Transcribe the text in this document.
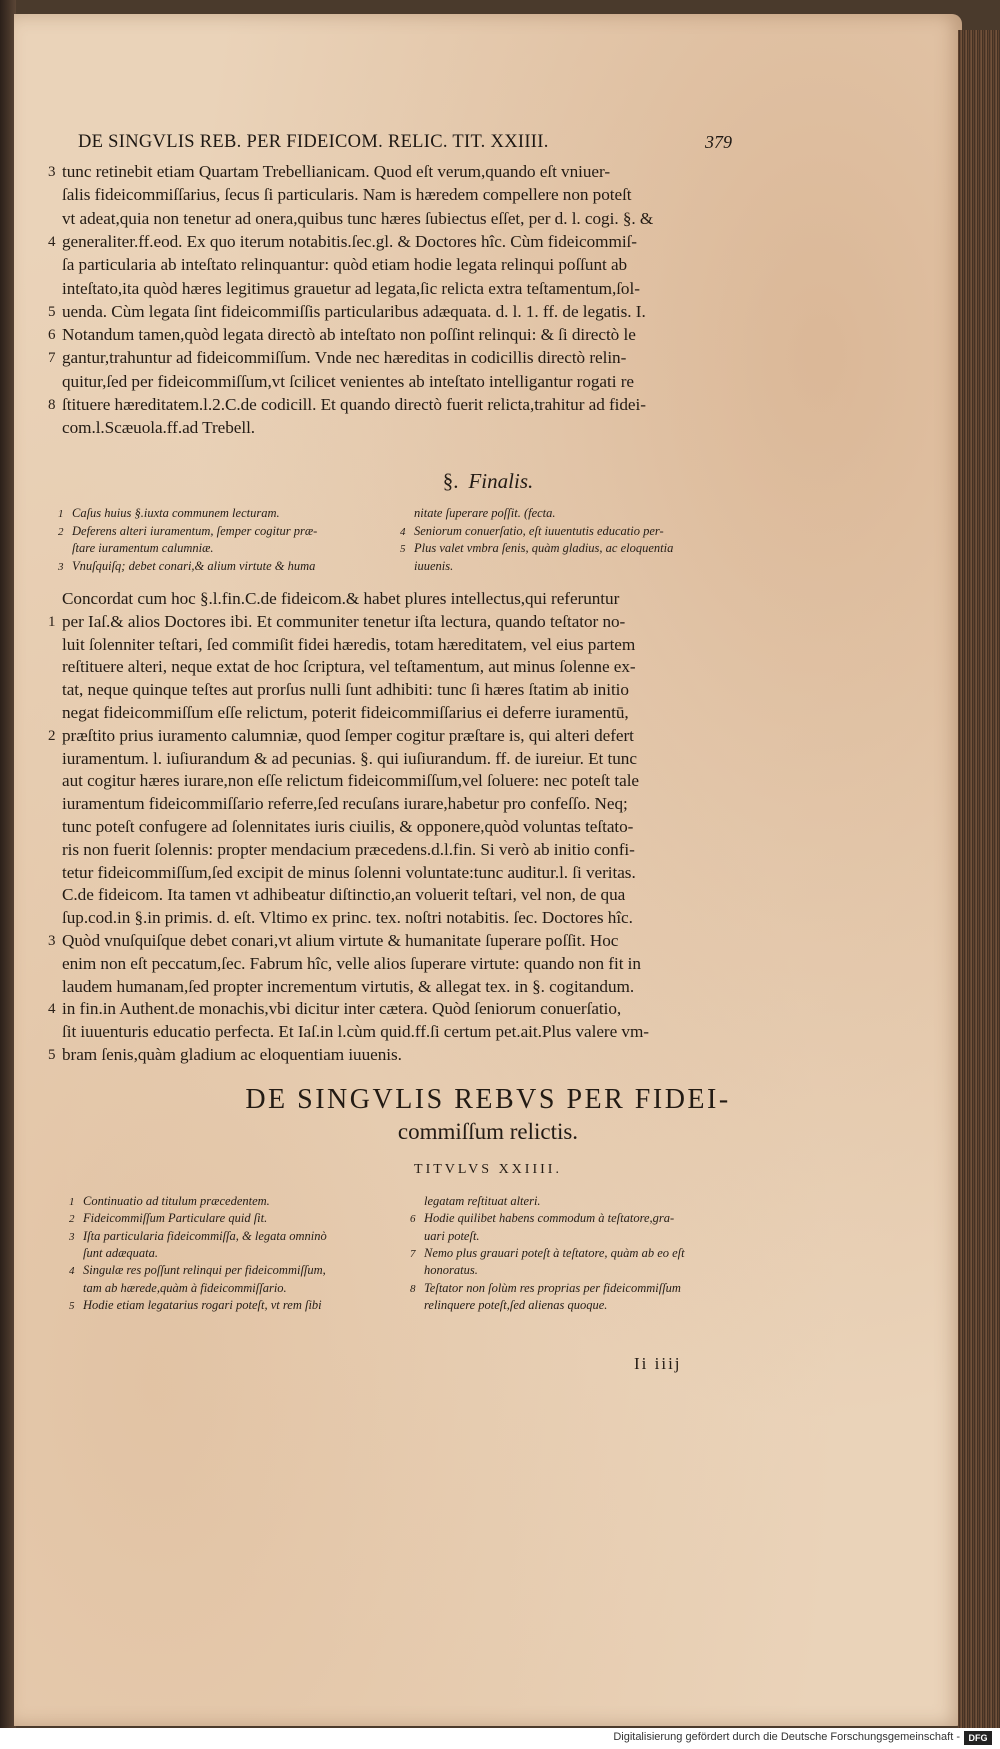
DE SINGVLIS REB. PER FIDEICOM. RELIC. TIT. XXIIII.	379
3 tunc retinebit etiam Quartam Trebellianicam. Quod eſt verum,quando eſt vniuer-
ſalis fideicommiſſarius, ſecus ſi particularis. Nam is hæredem compellere non poteſt
vt adeat,quia non tenetur ad onera,quibus tunc hæres ſubiectus eſſet, per d. l. cogi. §. &
4 generaliter.ff.eod. Ex quo iterum notabitis.ſec.gl. & Doctores hîc. Cùm fideicommiſ-
ſa particularia ab inteſtato relinquantur: quòd etiam hodie legata relinqui poſſunt ab
inteſtato,ita quòd hæres legitimus grauetur ad legata,ſic relicta extra teſtamentum,ſol-
5 uenda. Cùm legata ſint fideicommiſſis particularibus adæquata. d. l. 1. ff. de legatis. I.
6 Notandum tamen,quòd legata directò ab inteſtato non poſſint relinqui: & ſi directò le
7 gantur,trahuntur ad fideicommiſſum. Vnde nec hæreditas in codicillis directò relin-
quitur,ſed per fideicommiſſum,vt ſcilicet venientes ab inteſtato intelligantur rogati re
8 ſtituere hæreditatem.l.2.C.de codicill. Et quando directò fuerit relicta,trahitur ad fidei-
com.l.Scæuola.ff.ad Trebell.
§. Finalis.
1 Caſus huius §.iuxta communem lecturam.
2 Deferens alteri iuramentum, ſemper cogitur præ-
ſtare iuramentum calumniæ.
3 Vnuſquiſq; debet conari,& alium virtute & huma
nitate ſuperare poſſit. (fecta.
4 Seniorum conuerſatio, eſt iuuentutis educatio per-
5 Plus valet vmbra ſenis, quàm gladius, ac eloquentia
iuuenis.
Concordat cum hoc §.l.fin.C.de fideicom.& habet plures intellectus,qui referuntur
1 per Iaſ.& alios Doctores ibi. Et communiter tenetur iſta lectura, quando teſtator no-
luit ſolenniter teſtari, ſed commiſit fidei hæredis, totam hæreditatem, vel eius partem
reſtituere alteri, neque extat de hoc ſcriptura, vel teſtamentum, aut minus ſolenne ex-
tat, neque quinque teſtes aut prorſus nulli ſunt adhibiti: tunc ſi hæres ſtatim ab initio
negat fideicommiſſum eſſe relictum, poterit fideicommiſſarius ei deferre iuramentū,
2 præſtito prius iuramento calumniæ, quod ſemper cogitur præſtare is, qui alteri defert
iuramentum. l. iuſiurandum & ad pecunias. §. qui iuſiurandum. ff. de iureiur. Et tunc
aut cogitur hæres iurare,non eſſe relictum fideicommiſſum,vel ſoluere: nec poteſt tale
iuramentum fideicommiſſario referre,ſed recuſans iurare,habetur pro confeſſo. Neq;
tunc poteſt confugere ad ſolennitates iuris ciuilis, & opponere,quòd voluntas teſtato-
ris non fuerit ſolennis: propter mendacium præcedens.d.l.fin. Si verò ab initio confi-
tetur fideicommiſſum,ſed excipit de minus ſolenni voluntate:tunc auditur.l. ſi veritas.
C.de fideicom. Ita tamen vt adhibeatur diſtinctio,an voluerit teſtari, vel non, de qua
ſup.cod.in §.in primis. d. eſt. Vltimo ex princ. tex. noſtri notabitis. ſec. Doctores hîc.
3 Quòd vnuſquiſque debet conari,vt alium virtute & humanitate ſuperare poſſit. Hoc
enim non eſt peccatum,ſec. Fabrum hîc, velle alios ſuperare virtute: quando non fit in
laudem humanam,ſed propter incrementum virtutis, & allegat tex. in §. cogitandum.
4 in fin.in Authent.de monachis,vbi dicitur inter cætera. Quòd ſeniorum conuerſatio,
ſit iuuenturis educatio perfecta. Et Iaſ.in l.cùm quid.ff.ſi certum pet.ait.Plus valere vm-
5 bram ſenis,quàm gladium ac eloquentiam iuuenis.
DE SINGVLIS REBVS PER FIDEI-
commiſſum relictis.
TITVLVS XXIIII.
1 Continuatio ad titulum præcedentem.
2 Fideicommiſſum Particulare quid ſit.
3 Iſta particularia fideicommiſſa, & legata omninò
ſunt adæquata.
4 Singulæ res poſſunt relinqui per fideicommiſſum,
tam ab hærede,quàm à fideicommiſſario.
5 Hodie etiam legatarius rogari poteſt, vt rem ſibi
legatam reſtituat alteri.
6 Hodie quilibet habens commodum à teſtatore,gra-
uari poteſt.
7 Nemo plus grauari poteſt à teſtatore, quàm ab eo eſt
honoratus.
8 Teſtator non ſolùm res proprias per fideicommiſſum
relinquere poteſt,ſed alienas quoque.
Ii iiij
Digitalisierung gefördert durch die Deutsche Forschungsgemeinschaft - DFG
